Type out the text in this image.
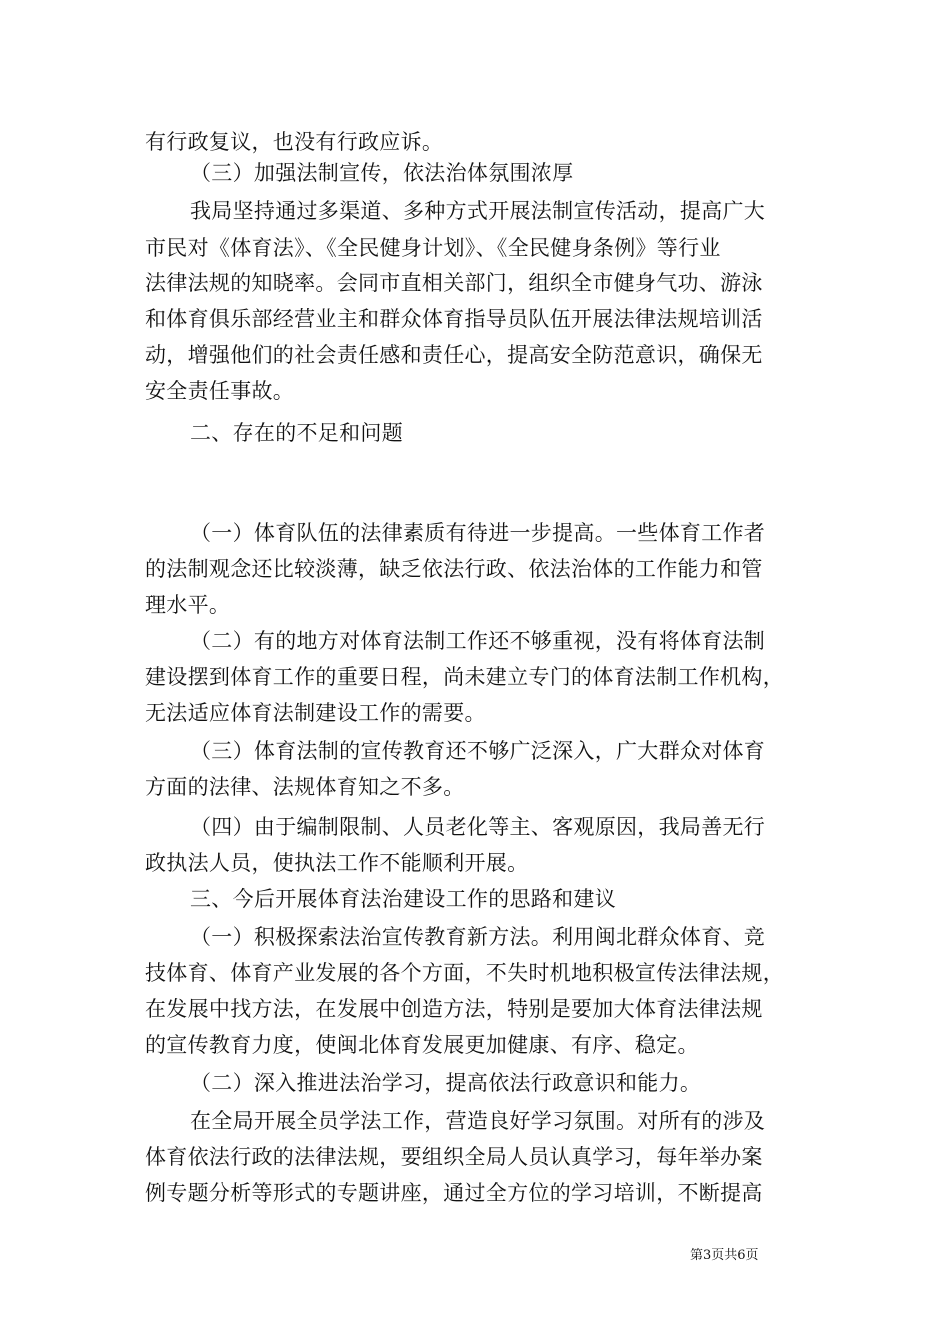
有行政复议，也没有行政应诉。
（三）加强法制宣传，依法治体氛围浓厚
我局坚持通过多渠道、多种方式开展法制宣传活动，提高广大
市民对《体育法》、《全民健身计划》、《全民健身条例》等行业
法律法规的知晓率。会同市直相关部门，组织全市健身气功、游泳
和体育俱乐部经营业主和群众体育指导员队伍开展法律法规培训活
动，增强他们的社会责任感和责任心，提高安全防范意识，确保无
安全责任事故。
二、存在的不足和问题
（一）体育队伍的法律素质有待进一步提高。一些体育工作者
的法制观念还比较淡薄，缺乏依法行政、依法治体的工作能力和管
理水平。
（二）有的地方对体育法制工作还不够重视，没有将体育法制
建设摆到体育工作的重要日程，尚未建立专门的体育法制工作机构，
无法适应体育法制建设工作的需要。
（三）体育法制的宣传教育还不够广泛深入，广大群众对体育
方面的法律、法规体育知之不多。
（四）由于编制限制、人员老化等主、客观原因，我局善无行
政执法人员，使执法工作不能顺利开展。
三、今后开展体育法治建设工作的思路和建议
（一）积极探索法治宣传教育新方法。利用闽北群众体育、竞
技体育、体育产业发展的各个方面，不失时机地积极宣传法律法规，
在发展中找方法，在发展中创造方法，特别是要加大体育法律法规
的宣传教育力度，使闽北体育发展更加健康、有序、稳定。
（二）深入推进法治学习，提高依法行政意识和能力。
在全局开展全员学法工作，营造良好学习氛围。对所有的涉及
体育依法行政的法律法规，要组织全局人员认真学习，每年举办案
例专题分析等形式的专题讲座，通过全方位的学习培训，不断提高
第3页共6页
